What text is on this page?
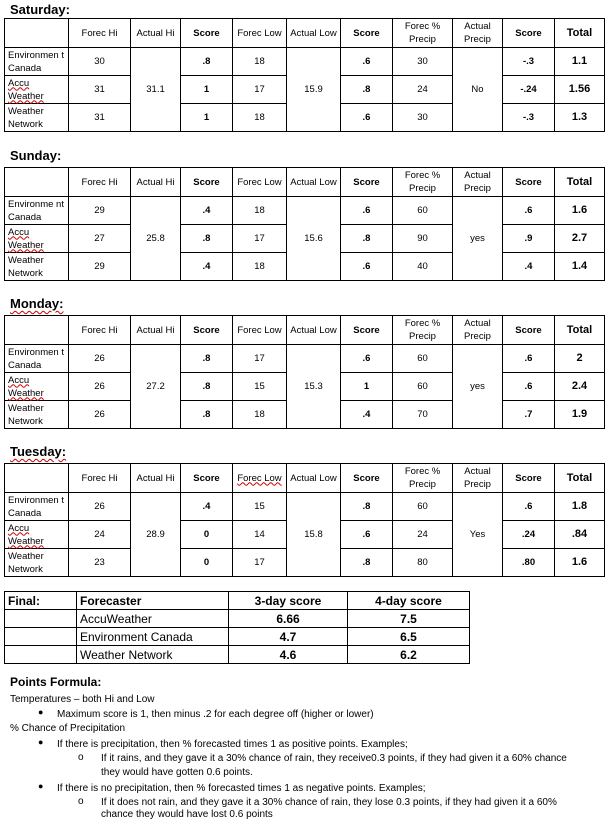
Saturday:
	Forec Hi	Actual Hi	Score	Forec Low	Actual Low	Score	Forec % Precip	Actual Precip	Score	Total
Environmen t Canada	30	31.1	.8	18	15.9	.6	30	No	-.3	1.1
Accu Weather	31		1	17		.8	24		-.24	1.56
Weather Network	31		1	18		.6	30		-.3	1.3
Sunday:
	Forec Hi	Actual Hi	Score	Forec Low	Actual Low	Score	Forec % Precip	Actual Precip	Score	Total
Environme nt Canada	29	25.8	.4	18	15.6	.6	60	yes	.6	1.6
Accu Weather	27		.8	17		.8	90		.9	2.7
Weather Network	29		.4	18		.6	40		.4	1.4
Monday:
	Forec Hi	Actual Hi	Score	Forec Low	Actual Low	Score	Forec % Precip	Actual Precip	Score	Total
Environmen t Canada	26	27.2	.8	17	15.3	.6	60	yes	.6	2
Accu Weather	26		.8	15		1	60		.6	2.4
Weather Network	26		.8	18		.4	70		.7	1.9
Tuesday:
	Forec Hi	Actual Hi	Score	Forec Low	Actual Low	Score	Forec % Precip	Actual Precip	Score	Total
Environmen t Canada	26	28.9	.4	15	15.8	.8	60	Yes	.6	1.8
Accu Weather	24		0	14		.6	24		.24	.84
Weather Network	23		0	17		.8	80		.80	1.6
Final:	Forecaster	3-day score	4-day score
	AccuWeather	6.66	7.5
	Environment Canada	4.7	6.5
	Weather Network	4.6	6.2
Points Formula:
Temperatures – both Hi and Low
● Maximum score is 1, then minus .2 for each degree off (higher or lower)
% Chance of Precipitation
● If there is precipitation, then % forecasted times 1 as positive points. Examples;
o If it rains, and they gave it a 30% chance of rain, they receive0.3 points, if they had given it a 60% chance
they would have gotten 0.6 points.
● If there is no precipitation, then % forecasted times 1 as negative points. Examples;
o If it does not rain, and they gave it a 30% chance of rain, they lose 0.3 points, if they had given it a 60%
chance they would have lost 0.6 points
